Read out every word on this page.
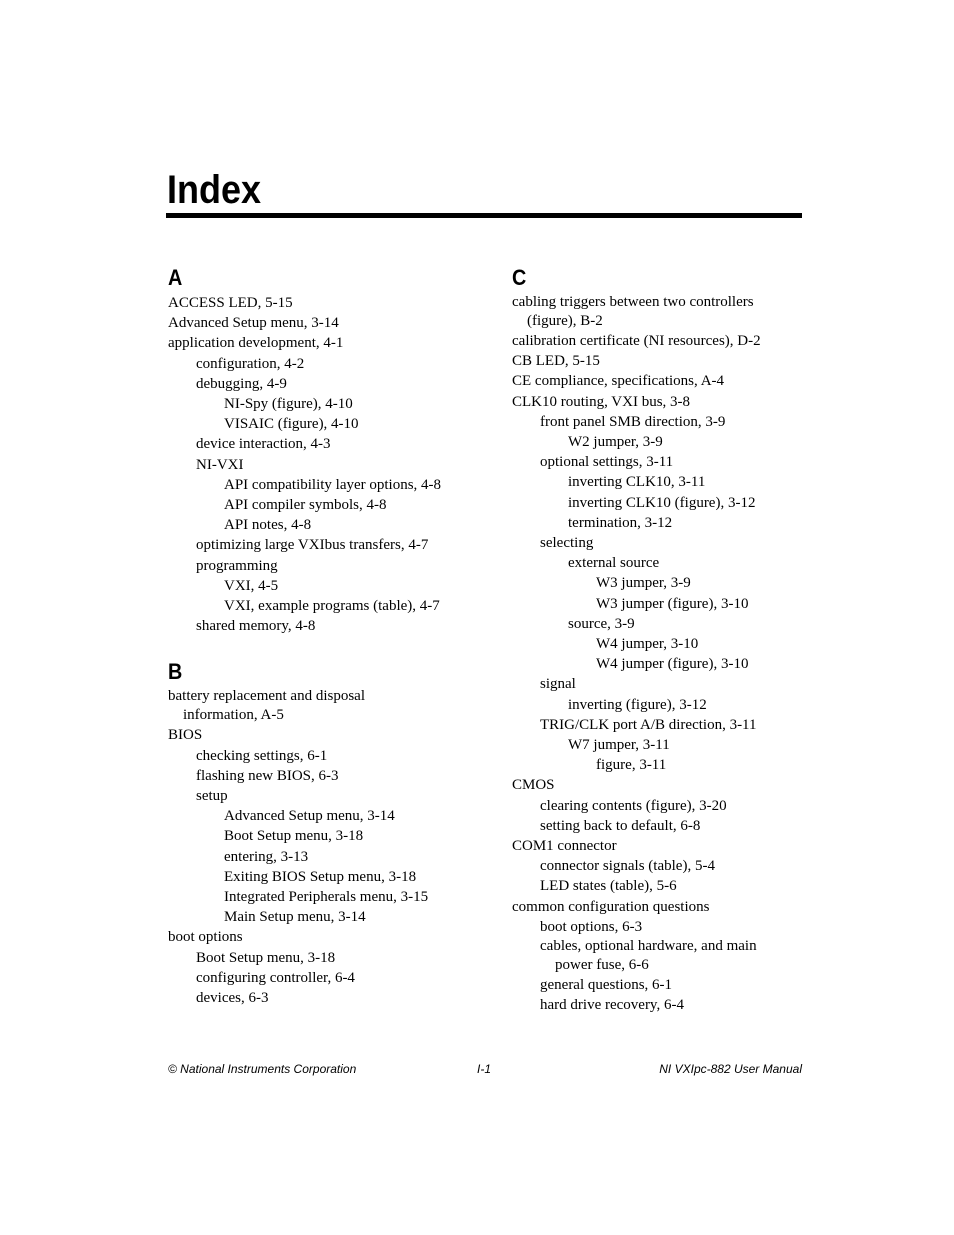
Index
A
ACCESS LED, 5-15
Advanced Setup menu, 3-14
application development, 4-1
configuration, 4-2
debugging, 4-9
NI-Spy (figure), 4-10
VISAIC (figure), 4-10
device interaction, 4-3
NI-VXI
API compatibility layer options, 4-8
API compiler symbols, 4-8
API notes, 4-8
optimizing large VXIbus transfers, 4-7
programming
VXI, 4-5
VXI, example programs (table), 4-7
shared memory, 4-8
B
battery replacement and disposal information, A-5
BIOS
checking settings, 6-1
flashing new BIOS, 6-3
setup
Advanced Setup menu, 3-14
Boot Setup menu, 3-18
entering, 3-13
Exiting BIOS Setup menu, 3-18
Integrated Peripherals menu, 3-15
Main Setup menu, 3-14
boot options
Boot Setup menu, 3-18
configuring controller, 6-4
devices, 6-3
C
cabling triggers between two controllers (figure), B-2
calibration certificate (NI resources), D-2
CB LED, 5-15
CE compliance, specifications, A-4
CLK10 routing, VXI bus, 3-8
front panel SMB direction, 3-9
W2 jumper, 3-9
optional settings, 3-11
inverting CLK10, 3-11
inverting CLK10 (figure), 3-12
termination, 3-12
selecting
external source
W3 jumper, 3-9
W3 jumper (figure), 3-10
source, 3-9
W4 jumper, 3-10
W4 jumper (figure), 3-10
signal
inverting (figure), 3-12
TRIG/CLK port A/B direction, 3-11
W7 jumper, 3-11
figure, 3-11
CMOS
clearing contents (figure), 3-20
setting back to default, 6-8
COM1 connector
connector signals (table), 5-4
LED states (table), 5-6
common configuration questions
boot options, 6-3
cables, optional hardware, and main power fuse, 6-6
general questions, 6-1
hard drive recovery, 6-4
© National Instruments Corporation	I-1	NI VXIpc-882 User Manual
